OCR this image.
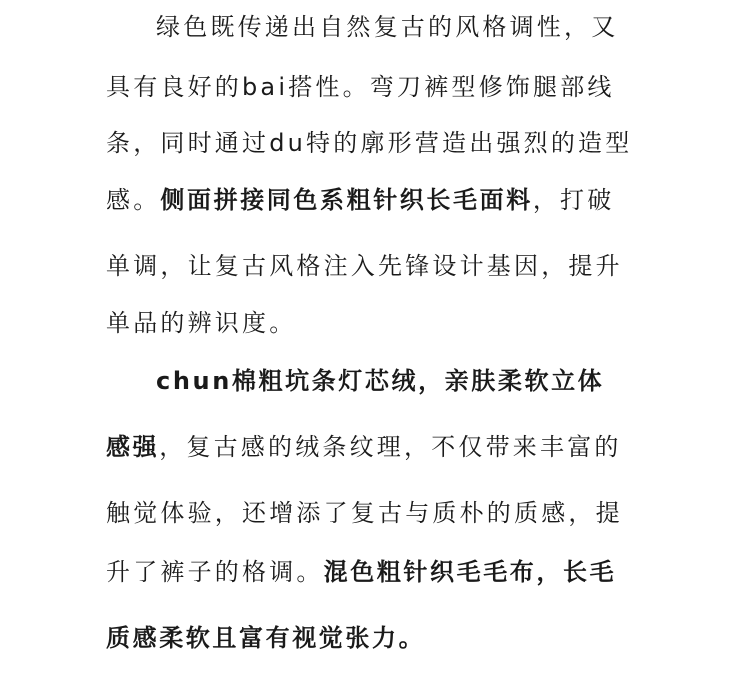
绿色既传递出自然复古的风格调性，又
具有良好的bai搭性。弯刀裤型修饰腿部线
条，同时通过du特的廓形营造出强烈的造型
感。侧面拼接同色系粗针织长毛面料，打破
单调，让复古风格注入先锋设计基因，提升
单品的辨识度。
chun棉粗坑条灯芯绒，亲肤柔软立体
感强，复古感的绒条纹理，不仅带来丰富的
触觉体验，还增添了复古与质朴的质感，提
升了裤子的格调。混色粗针织毛毛布，长毛
质感柔软且富有视觉张力。
